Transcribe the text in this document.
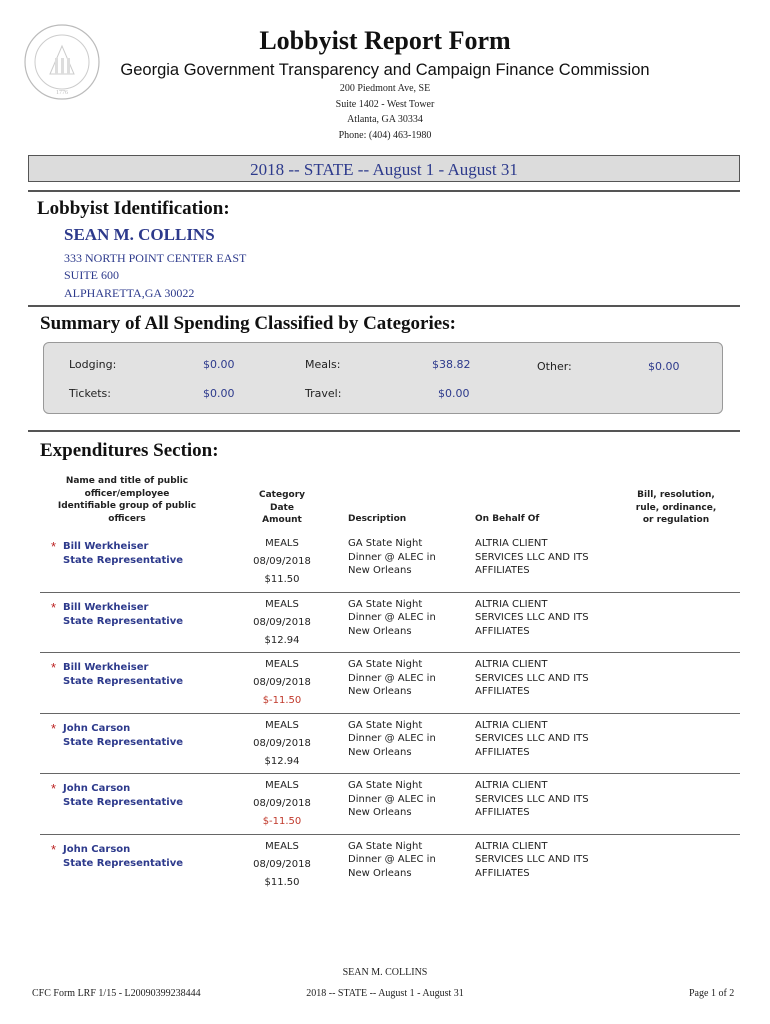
1776
Lobbyist Report Form
Georgia Government Transparency and Campaign Finance Commission
200 Piedmont Ave, SE
Suite 1402 - West Tower
Atlanta, GA 30334
Phone: (404) 463-1980
2018 -- STATE -- August 1 - August 31
Lobbyist Identification:
SEAN M. COLLINS
333 NORTH POINT CENTER EAST
SUITE 600
ALPHARETTA,GA 30022
Summary of All Spending Classified by Categories:
Lodging:	$0.00	Meals:	$38.82	Other:	$0.00
Tickets:	$0.00	Travel:	$0.00
Expenditures Section:
Name and title of public
officer/employee
Identifiable group of public
officers
Category
Date
Amount	Description	On Behalf Of
Bill, resolution,
rule, ordinance,
or regulation
* Bill Werkheiser
State Representative
MEALS
08/09/2018
$11.50
GA State Night
Dinner @ ALEC in
New Orleans
ALTRIA CLIENT
SERVICES LLC AND ITS
AFFILIATES
* Bill Werkheiser
State Representative
MEALS
08/09/2018
$12.94
GA State Night
Dinner @ ALEC in
New Orleans
ALTRIA CLIENT
SERVICES LLC AND ITS
AFFILIATES
* Bill Werkheiser
State Representative
MEALS
08/09/2018
$-11.50
GA State Night
Dinner @ ALEC in
New Orleans
ALTRIA CLIENT
SERVICES LLC AND ITS
AFFILIATES
* John Carson
State Representative
MEALS
08/09/2018
$12.94
GA State Night
Dinner @ ALEC in
New Orleans
ALTRIA CLIENT
SERVICES LLC AND ITS
AFFILIATES
* John Carson
State Representative
MEALS
08/09/2018
$-11.50
GA State Night
Dinner @ ALEC in
New Orleans
ALTRIA CLIENT
SERVICES LLC AND ITS
AFFILIATES
* John Carson
State Representative
MEALS
08/09/2018
$11.50
GA State Night
Dinner @ ALEC in
New Orleans
ALTRIA CLIENT
SERVICES LLC AND ITS
AFFILIATES
SEAN M. COLLINS
CFC Form LRF 1/15 - L20090399238444	2018 -- STATE -- August 1 - August 31	Page 1 of 2
